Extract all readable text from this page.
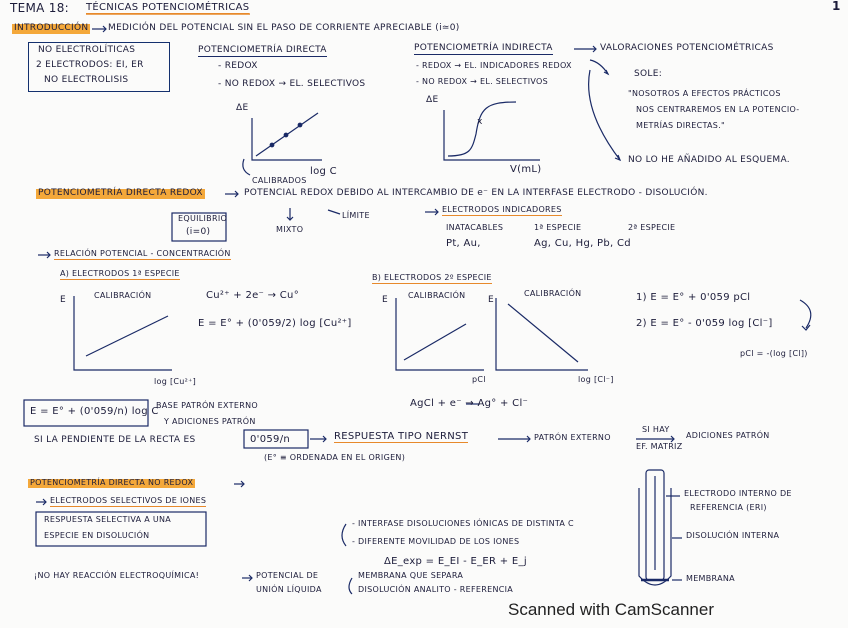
TEMA 18: TÉCNICAS POTENCIOMÉTRICAS	1
INTRODUCCIÓN MEDICIÓN DEL POTENCIAL SIN EL PASO DE CORRIENTE APRECIABLE (i≃0)
NO ELECTROLÍTICAS
2 ELECTRODOS: EI, ER
NO ELECTROLISIS
POTENCIOMETRÍA DIRECTA
- REDOX
- NO REDOX → EL. SELECTIVOS
ΔE
log C
CALIBRADOS
POTENCIOMETRÍA INDIRECTA	VALORACIONES POTENCIOMÉTRICAS
- REDOX → EL. INDICADORES REDOX
- NO REDOX → EL. SELECTIVOS
ΔE
V(mL)
x
SOLE:
"NOSOTROS A EFECTOS PRÁCTICOS
NOS CENTRAREMOS EN LA POTENCIO-
METRÍAS DIRECTAS."
NO LO HE AÑADIDO AL ESQUEMA.
POTENCIOMETRÍA DIRECTA REDOX	POTENCIAL REDOX DEBIDO AL INTERCAMBIO DE e⁻ EN LA INTERFASE ELECTRODO - DISOLUCIÓN.
EQUILIBRIO
(i=0)	MIXTO
LÍMITE
ELECTRODOS INDICADORES
INATACABLES
Pt, Au,
1ª ESPECIE
Ag, Cu, Hg, Pb, Cd
2ª ESPECIE
RELACIÓN POTENCIAL - CONCENTRACIÓN
A) ELECTRODOS 1ª ESPECIE
CALIBRACIÓN
E
log [Cu²⁺]
Cu²⁺ + 2e⁻ → Cu°
E = E° + (0'059/2) log [Cu²⁺]
B) ELECTRODOS 2º ESPECIE
CALIBRACIÓN	CALIBRACIÓN
E	E
pCl	log [Cl⁻]
AgCl + e⁻ → Ag° + Cl⁻
1) E = E° + 0'059 pCl
2) E = E° - 0'059 log [Cl⁻]
pCl = -(log [Cl])
E = E° + (0'059/n) log C
BASE PATRÓN EXTERNO
Y ADICIONES PATRÓN
SI LA PENDIENTE DE LA RECTA ES	0'059/n	RESPUESTA TIPO NERNST	PATRÓN EXTERNO
SI HAY
EF. MATRIZ
ADICIONES PATRÓN
(E° ≡ ORDENADA EN EL ORIGEN)
POTENCIOMETRÍA DIRECTA NO REDOX
ELECTRODOS SELECTIVOS DE IONES
RESPUESTA SELECTIVA A UNA
ESPECIE EN DISOLUCIÓN
- INTERFASE DISOLUCIONES IÓNICAS DE DISTINTA C
- DIFERENTE MOVILIDAD DE LOS IONES
ΔE_exp = E_EI - E_ER + E_j
¡NO HAY REACCIÓN ELECTROQUÍMICA!	POTENCIAL DE
UNIÓN LÍQUIDA
MEMBRANA QUE SEPARA
DISOLUCIÓN ANALITO - REFERENCIA
ELECTRODO INTERNO DE
REFERENCIA (ERI)
DISOLUCIÓN INTERNA
MEMBRANA
Scanned with CamScanner
